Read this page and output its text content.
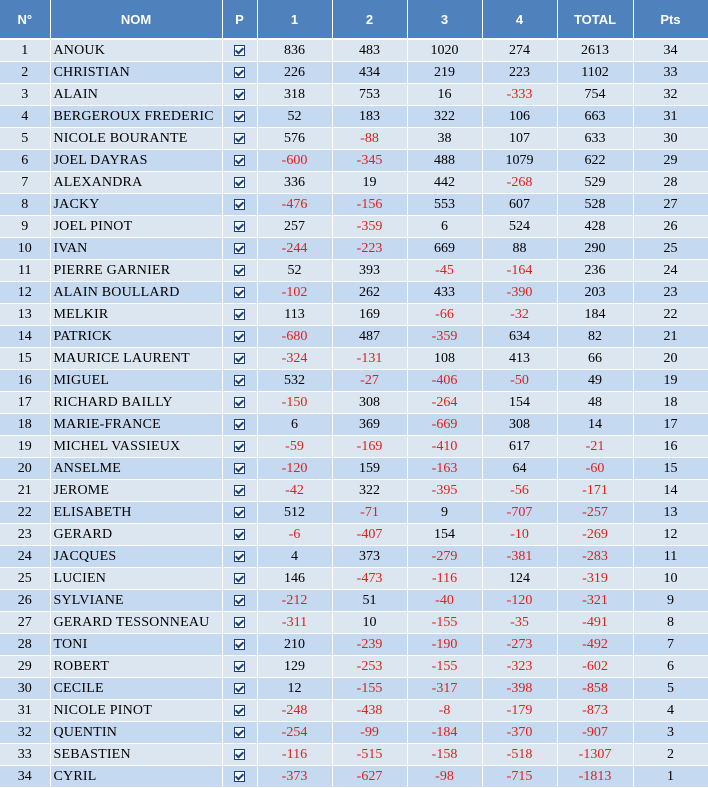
N°	NOM	P	1	2	3	4	TOTAL	Pts
1	ANOUK		836	483	1020	274	2613	34
2	CHRISTIAN		226	434	219	223	1102	33
3	ALAIN		318	753	16	-333	754	32
4	BERGEROUX FREDERIC		52	183	322	106	663	31
5	NICOLE BOURANTE		576	-88	38	107	633	30
6	JOEL DAYRAS		-600	-345	488	1079	622	29
7	ALEXANDRA		336	19	442	-268	529	28
8	JACKY		-476	-156	553	607	528	27
9	JOEL PINOT		257	-359	6	524	428	26
10	IVAN		-244	-223	669	88	290	25
11	PIERRE GARNIER		52	393	-45	-164	236	24
12	ALAIN BOULLARD		-102	262	433	-390	203	23
13	MELKIR		113	169	-66	-32	184	22
14	PATRICK		-680	487	-359	634	82	21
15	MAURICE LAURENT		-324	-131	108	413	66	20
16	MIGUEL		532	-27	-406	-50	49	19
17	RICHARD BAILLY		-150	308	-264	154	48	18
18	MARIE-FRANCE		6	369	-669	308	14	17
19	MICHEL VASSIEUX		-59	-169	-410	617	-21	16
20	ANSELME		-120	159	-163	64	-60	15
21	JEROME		-42	322	-395	-56	-171	14
22	ELISABETH		512	-71	9	-707	-257	13
23	GERARD		-6	-407	154	-10	-269	12
24	JACQUES		4	373	-279	-381	-283	11
25	LUCIEN		146	-473	-116	124	-319	10
26	SYLVIANE		-212	51	-40	-120	-321	9
27	GERARD TESSONNEAU		-311	10	-155	-35	-491	8
28	TONI		210	-239	-190	-273	-492	7
29	ROBERT		129	-253	-155	-323	-602	6
30	CECILE		12	-155	-317	-398	-858	5
31	NICOLE PINOT		-248	-438	-8	-179	-873	4
32	QUENTIN		-254	-99	-184	-370	-907	3
33	SEBASTIEN		-116	-515	-158	-518	-1307	2
34	CYRIL		-373	-627	-98	-715	-1813	1
